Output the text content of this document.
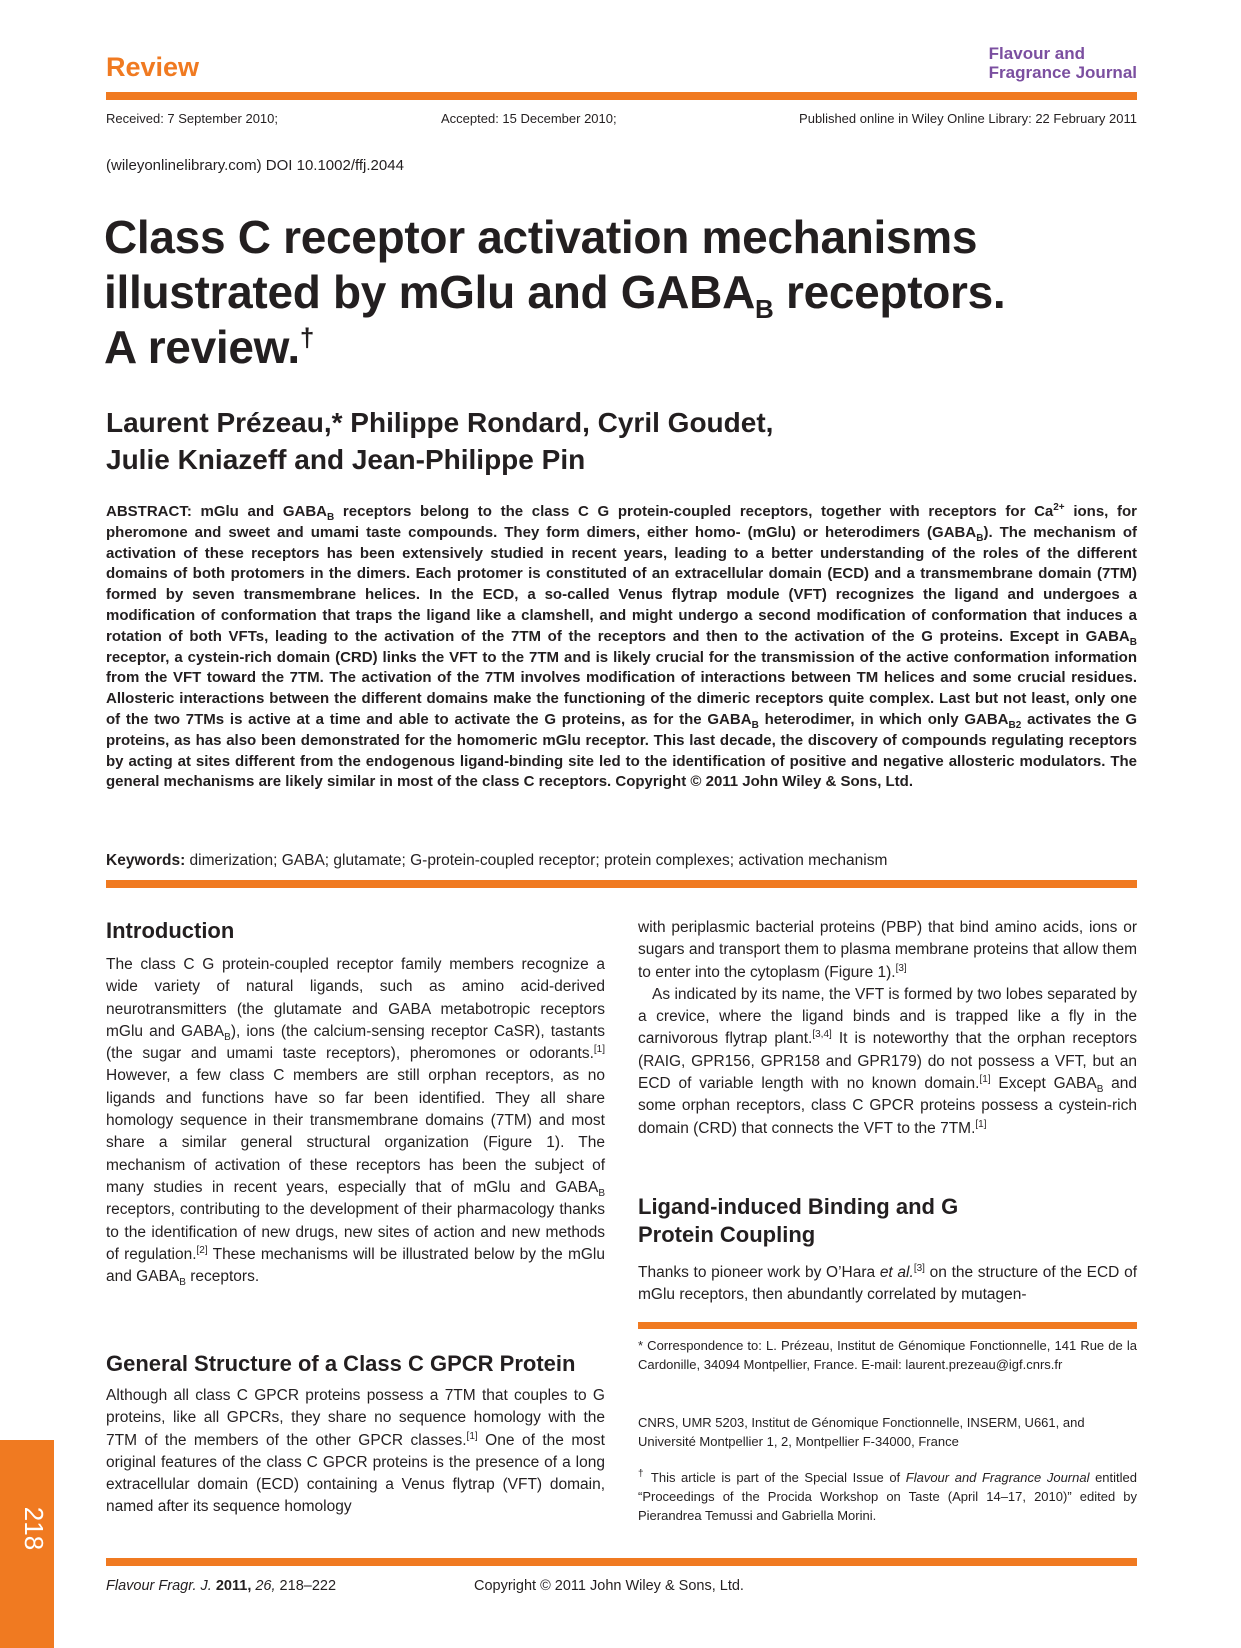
Review	Flavour and
Fragrance Journal
Received: 7 September 2010;	Accepted: 15 December 2010;	Published online in Wiley Online Library: 22 February 2011
(wileyonlinelibrary.com) DOI 10.1002/ffj.2044
Class C receptor activation mechanisms
illustrated by mGlu and $GABA_B$ receptors.
A review.†
Laurent Prézeau,* Philippe Rondard, Cyril Goudet,
Julie Kniazeff and Jean-Philippe Pin
ABSTRACT: mGlu and $GABA_B$ receptors belong to the class C G protein-coupled receptors, together with receptors for $Ca^{2+}$ ions, for pheromone and sweet and umami taste compounds. They form dimers, either homo- (mGlu) or heterodimers $(GABA_B)$. The mechanism of activation of these receptors has been extensively studied in recent years, leading to a better understanding of the roles of the different domains of both protomers in the dimers. Each protomer is constituted of an extracellular domain (ECD) and a transmembrane domain (7TM) formed by seven transmembrane helices. In the ECD, a so-called Venus flytrap module (VFT) recognizes the ligand and undergoes a modification of conformation that traps the ligand like a clamshell, and might undergo a second modification of conformation that induces a rotation of both VFTs, leading to the activation of the 7TM of the receptors and then to the activation of the G proteins. Except in $GABA_B$ receptor, a cystein-rich domain (CRD) links the VFT to the 7TM and is likely crucial for the transmission of the active conformation information from the VFT toward the 7TM. The activation of the 7TM involves modification of interactions between TM helices and some crucial residues. Allosteric interactions between the different domains make the functioning of the dimeric receptors quite complex. Last but not least, only one of the two 7TMs is active at a time and able to activate the G proteins, as for the $GABA_B$ heterodimer, in which only $GABA_{B2}$ activates the G proteins, as has also been demonstrated for the homomeric mGlu receptor. This last decade, the discovery of compounds regulating receptors by acting at sites different from the endogenous ligand-binding site led to the identification of positive and negative allosteric modulators. The general mechanisms are likely similar in most of the class C receptors. Copyright © 2011 John Wiley & Sons, Ltd.
Keywords: dimerization; GABA; glutamate; G-protein-coupled receptor; protein complexes; activation mechanism
Introduction

The class C G protein-coupled receptor family members recognize a wide variety of natural ligands, such as amino acid-derived neurotransmitters (the glutamate and GABA metabotropic receptors mGlu and $GABA_B$), ions (the calcium-sensing receptor CaSR), tastants (the sugar and umami taste receptors), pheromones or odorants.[1] However, a few class C members are still orphan receptors, as no ligands and functions have so far been identified. They all share homology sequence in their transmembrane domains (7TM) and most share a similar general structural organization (Figure 1). The mechanism of activation of these receptors has been the subject of many studies in recent years, especially that of mGlu and $GABA_B$ receptors, contributing to the development of their pharmacology thanks to the identification of new drugs, new sites of action and new methods of regulation.[2] These mechanisms will be illustrated below by the mGlu and $GABA_B$ receptors.

General Structure of a Class C GPCR Protein

Although all class C GPCR proteins possess a 7TM that couples to G proteins, like all GPCRs, they share no sequence homology with the 7TM of the members of the other GPCR classes.[1] One of the most original features of the class C GPCR proteins is the presence of a long extracellular domain (ECD) containing a Venus flytrap (VFT) domain, named after its sequence homology

with periplasmic bacterial proteins (PBP) that bind amino acids, ions or sugars and transport them to plasma membrane proteins that allow them to enter into the cytoplasm (Figure 1).[3]

As indicated by its name, the VFT is formed by two lobes separated by a crevice, where the ligand binds and is trapped like a fly in the carnivorous flytrap plant.[3,4] It is noteworthy that the orphan receptors (RAIG, GPR156, GPR158 and GPR179) do not possess a VFT, but an ECD of variable length with no known domain.[1] Except $GABA_B$ and some orphan receptors, class C GPCR proteins possess a cystein-rich domain (CRD) that connects the VFT to the 7TM.[1]

Ligand-induced Binding and G
Protein Coupling

Thanks to pioneer work by O’Hara et al.[3] on the structure of the ECD of mGlu receptors, then abundantly correlated by mutagen-

* Correspondence to: L. Prézeau, Institut de Génomique Fonctionnelle, 141 Rue de la Cardonille, 34094 Montpellier, France. E-mail: laurent.prezeau@igf.cnrs.fr
CNRS, UMR 5203, Institut de Génomique Fonctionnelle, INSERM, U661, and Université Montpellier 1, 2, Montpellier F-34000, France
† This article is part of the Special Issue of Flavour and Fragrance Journal entitled “Proceedings of the Procida Workshop on Taste (April 14–17, 2010)” edited by Pierandrea Temussi and Gabriella Morini.
Flavour Fragr. J. 2011, 26, 218–222	Copyright © 2011 John Wiley & Sons, Ltd.
218
